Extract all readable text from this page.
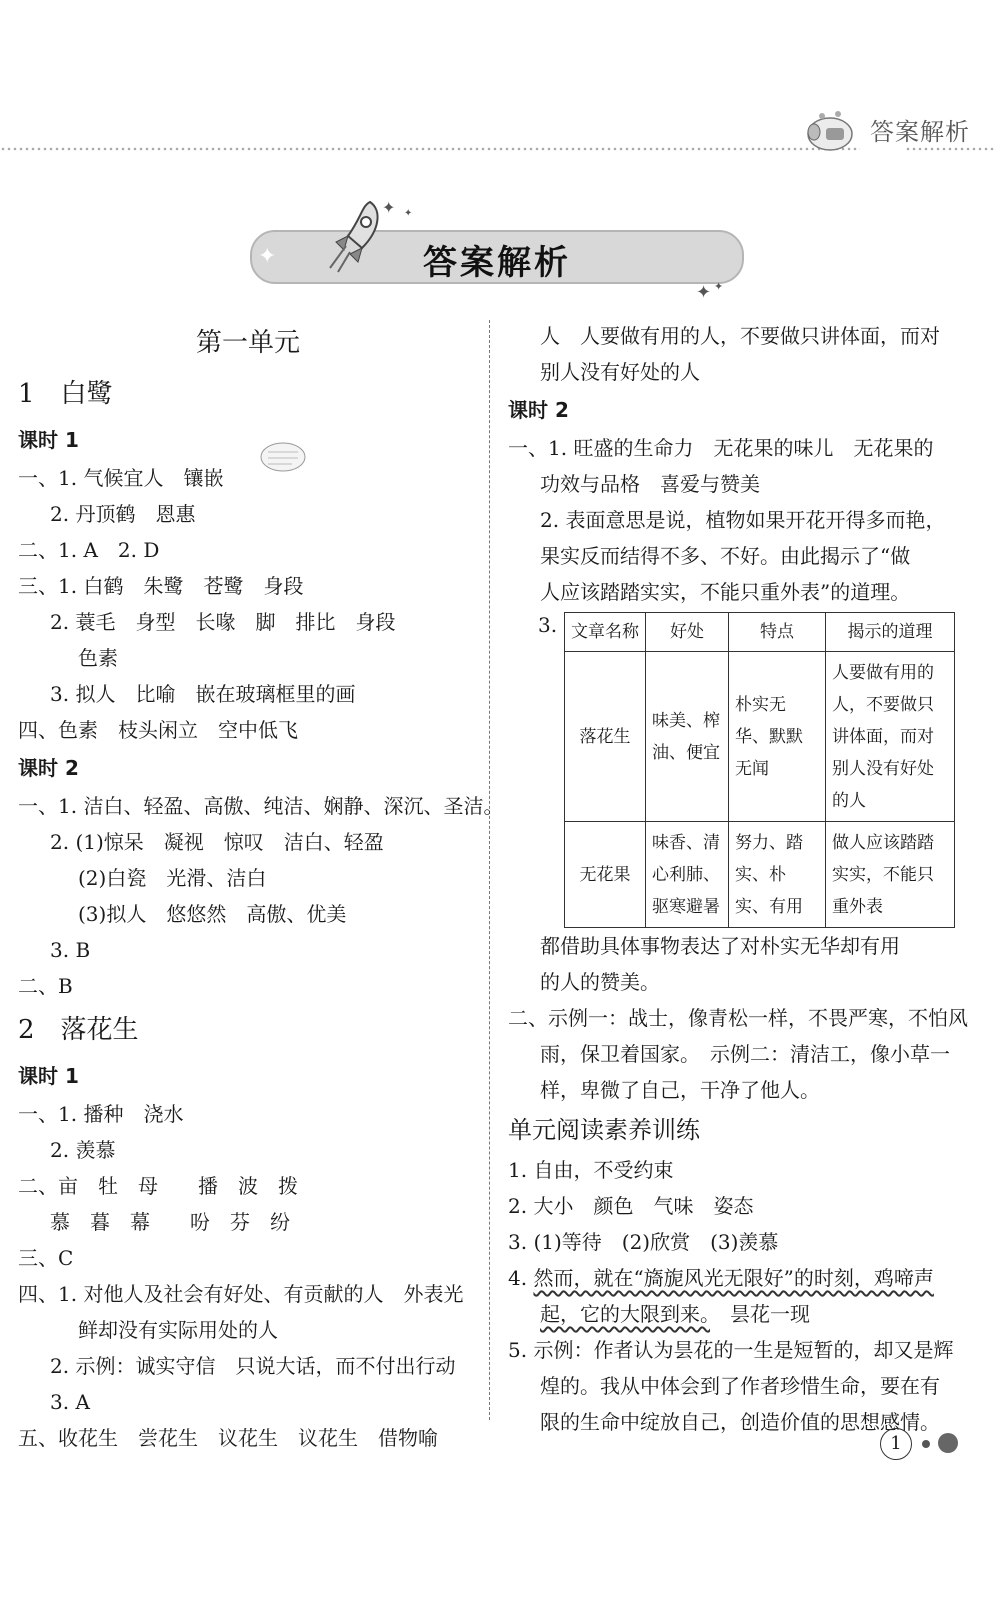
答案解析
答案解析
✦ ✦
✦
✦ ✦
第一单元
1　白鹭
课时 1
一、1. 气候宜人　镶嵌
2. 丹顶鹤　恩惠
二、1. A　2. D
三、1. 白鹤　朱鹭　苍鹭　身段
2. 蓑毛　身型　长喙　脚　排比　身段
色素
3. 拟人　比喻　嵌在玻璃框里的画
四、色素　枝头闲立　空中低飞
课时 2
一、1. 洁白、轻盈、高傲、纯洁、娴静、深沉、圣洁。
2. (1)惊呆　凝视　惊叹　洁白、轻盈
(2)白瓷　光滑、洁白
(3)拟人　悠悠然　高傲、优美
3. B
二、B
2　落花生
课时 1
一、1. 播种　浇水
2. 羡慕
二、亩　牡　母　　播　波　拨
慕　暮　幕　　吩　芬　纷
三、C
四、1. 对他人及社会有好处、有贡献的人　外表光
鲜却没有实际用处的人
2. 示例：诚实守信　只说大话，而不付出行动
3. A
五、收花生　尝花生　议花生　议花生　借物喻
人　人要做有用的人，不要做只讲体面，而对
别人没有好处的人
课时 2
一、1. 旺盛的生命力　无花果的味儿　无花果的
功效与品格　喜爱与赞美
2. 表面意思是说，植物如果开花开得多而艳，
果实反而结得不多、不好。由此揭示了“做
人应该踏踏实实，不能只重外表”的道理。
3. 文章名称	好处	特点	揭示的道理
落花生	味美、榨油、便宜	朴实无华、默默无闻	人要做有用的人，不要做只讲体面，而对别人没有好处的人
无花果	味香、清心利肺、驱寒避暑	努力、踏实、朴实、有用	做人应该踏踏实实，不能只重外表
都借助具体事物表达了对朴实无华却有用
的人的赞美。
二、示例一：战士，像青松一样，不畏严寒，不怕风
雨，保卫着国家。　示例二：清洁工，像小草一
样，卑微了自己，干净了他人。
单元阅读素养训练
1. 自由，不受约束
2. 大小　颜色　气味　姿态
3. (1)等待　(2)欣赏　(3)羡慕
4. 然而，就在“旖旎风光无限好”的时刻，鸡啼声
起，它的大限到来。　昙花一现
5. 示例：作者认为昙花的一生是短暂的，却又是辉
煌的。我从中体会到了作者珍惜生命，要在有
限的生命中绽放自己，创造价值的思想感情。
1
